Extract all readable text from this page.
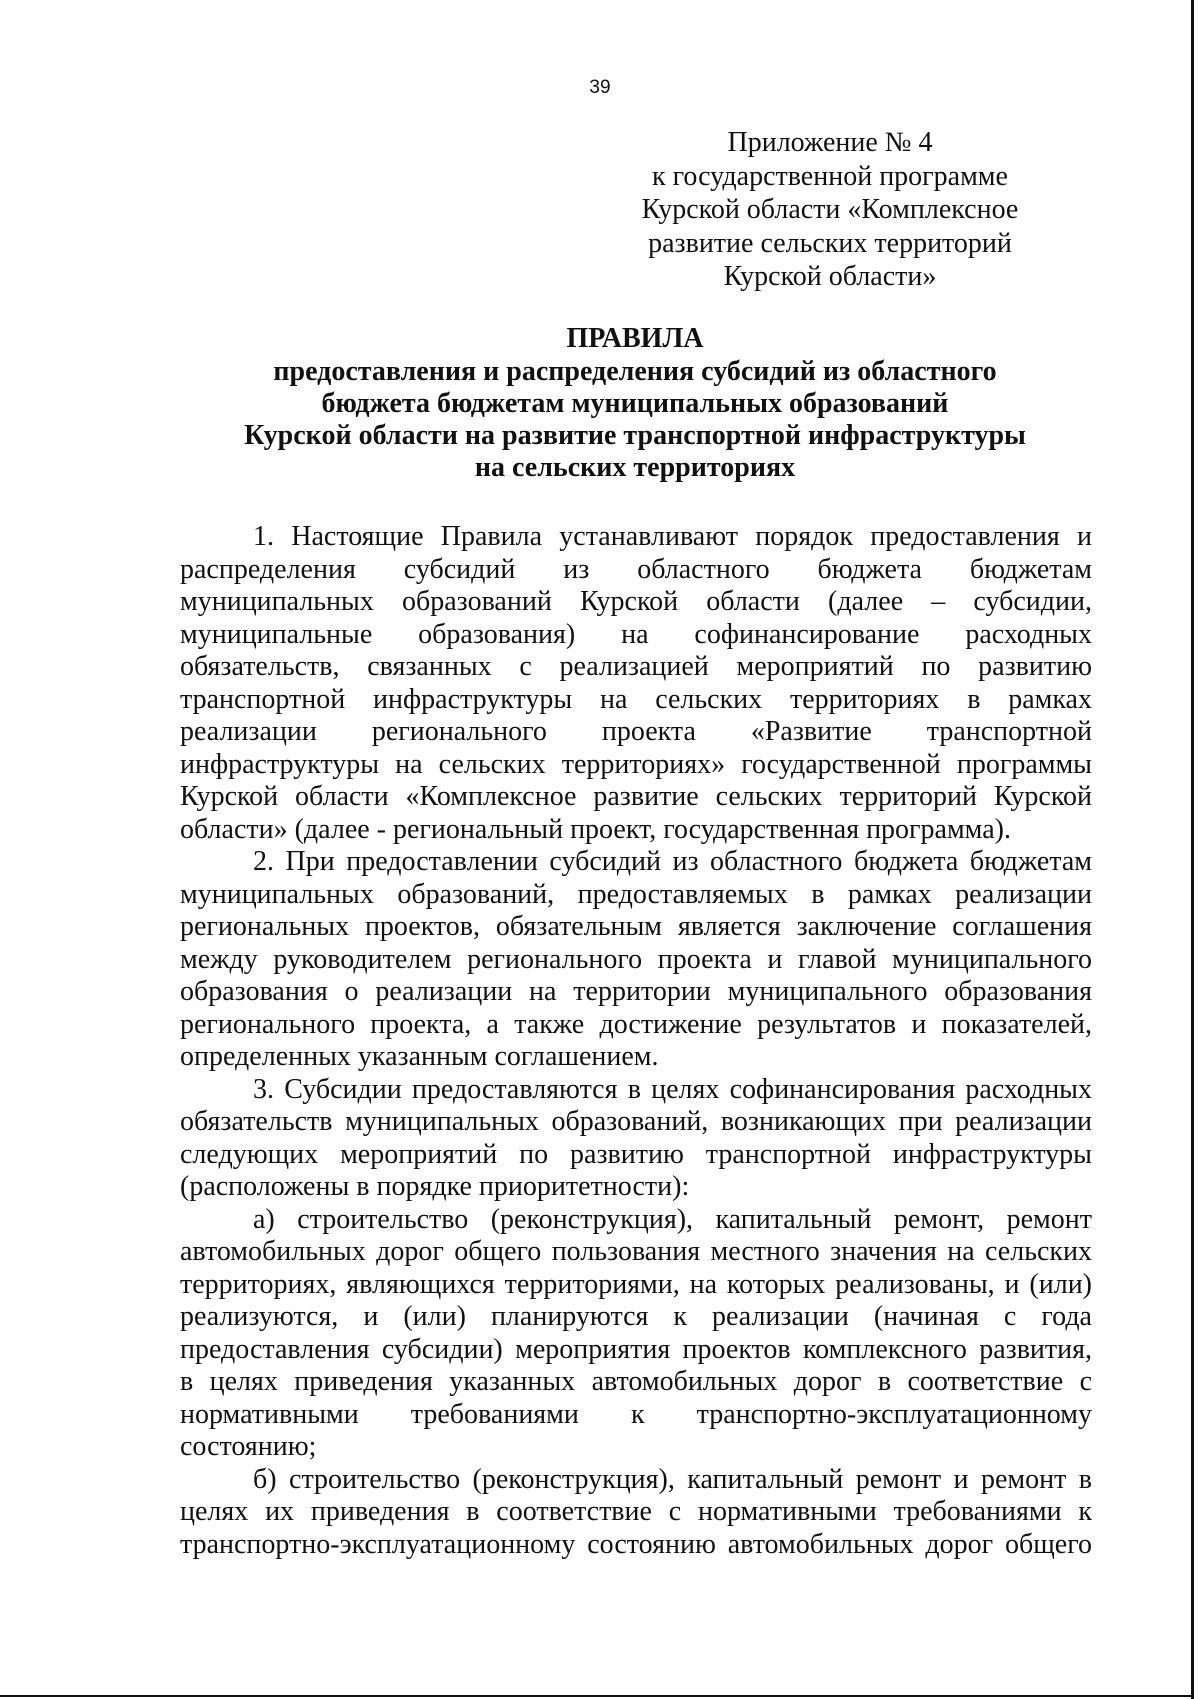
39
Приложение № 4
к государственной программе
Курской области «Комплексное
развитие сельских территорий
Курской области»
ПРАВИЛА
предоставления и распределения субсидий из областного
бюджета бюджетам муниципальных образований
Курской области на развитие транспортной инфраструктуры
на сельских территориях
1. Настоящие Правила устанавливают порядок предоставления и
распределения субсидий из областного бюджета бюджетам
муниципальных образований Курской области (далее – субсидии,
муниципальные образования) на софинансирование расходных
обязательств, связанных с реализацией мероприятий по развитию
транспортной инфраструктуры на сельских территориях в рамках
реализации регионального проекта «Развитие транспортной
инфраструктуры на сельских территориях» государственной программы
Курской области «Комплексное развитие сельских территорий Курской
области» (далее - региональный проект, государственная программа).
2. При предоставлении субсидий из областного бюджета бюджетам
муниципальных образований, предоставляемых в рамках реализации
региональных проектов, обязательным является заключение соглашения
между руководителем регионального проекта и главой муниципального
образования о реализации на территории муниципального образования
регионального проекта, а также достижение результатов и показателей,
определенных указанным соглашением.
3. Субсидии предоставляются в целях софинансирования расходных
обязательств муниципальных образований, возникающих при реализации
следующих мероприятий по развитию транспортной инфраструктуры
(расположены в порядке приоритетности):
а) строительство (реконструкция), капитальный ремонт, ремонт
автомобильных дорог общего пользования местного значения на сельских
территориях, являющихся территориями, на которых реализованы, и (или)
реализуются, и (или) планируются к реализации (начиная с года
предоставления субсидии) мероприятия проектов комплексного развития,
в целях приведения указанных автомобильных дорог в соответствие с
нормативными требованиями к транспортно-эксплуатационному
состоянию;
б) строительство (реконструкция), капитальный ремонт и ремонт в
целях их приведения в соответствие с нормативными требованиями к
транспортно-эксплуатационному состоянию автомобильных дорог общего
